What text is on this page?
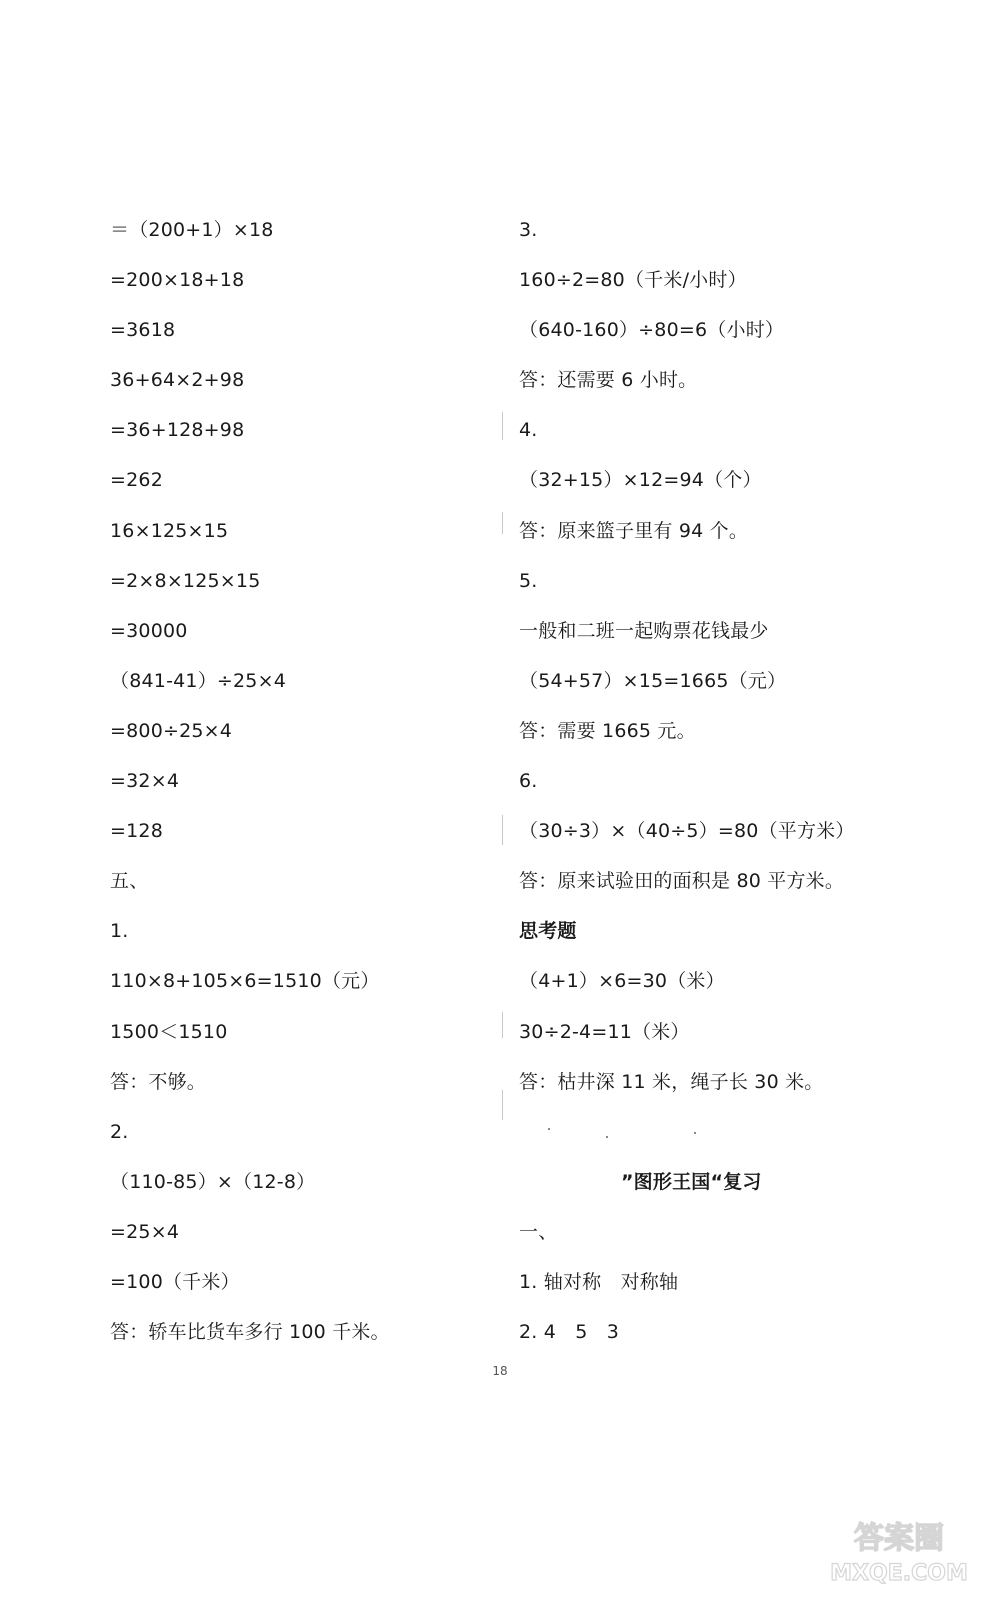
＝（200+1）×18
=200×18+18
=3618
36+64×2+98
=36+128+98
=262
16×125×15
=2×8×125×15
=30000
（841-41）÷25×4
=800÷25×4
=32×4
=128
五、
1.
110×8+105×6=1510（元）
1500＜1510
答：不够。
2.
（110-85）×（12-8）
=25×4
=100（千米）
答：轿车比货车多行 100 千米。
3.
160÷2=80（千米/小时）
（640-160）÷80=6（小时）
答：还需要 6 小时。
4.
（32+15）×12=94（个）
答：原来篮子里有 94 个。
5.
一般和二班一起购票花钱最少
（54+57）×15=1665（元）
答：需要 1665 元。
6.
（30÷3）×（40÷5）=80（平方米）
答：原来试验田的面积是 80 平方米。
思考题
（4+1）×6=30（米）
30÷2-4=11（米）
答：枯井深 11 米，绳子长 30 米。
”图形王国“复习
一、
1. 轴对称　对称轴
2. 4　5　3
18
答案圈
MXQE.COM
